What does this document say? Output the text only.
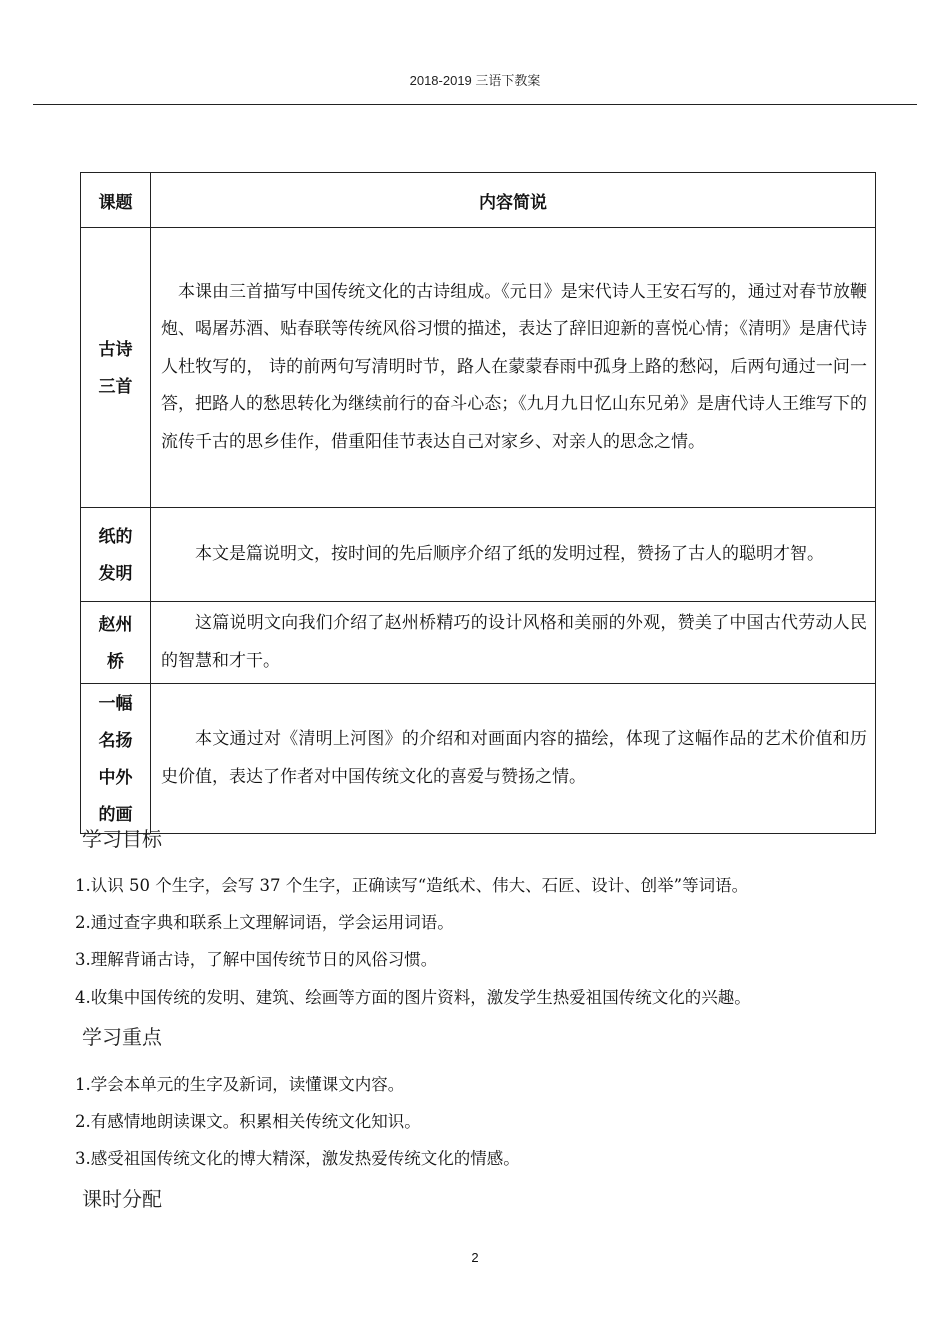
2018-2019 三语下教案
课题	内容简说

古诗
三首	本课由三首描写中国传统文化的古诗组成。《元日》是宋代诗人王安石写的，通过对春节放鞭炮、喝屠苏酒、贴春联等传统风俗习惯的描述，表达了辞旧迎新的喜悦心情；《清明》是唐代诗人杜牧写的， 诗的前两句写清明时节，路人在蒙蒙春雨中孤身上路的愁闷，后两句通过一问一答，把路人的愁思转化为继续前行的奋斗心态；《九月九日忆山东兄弟》是唐代诗人王维写下的流传千古的思乡佳作，借重阳佳节表达自己对家乡、对亲人的思念之情。

纸的
发明	本文是篇说明文，按时间的先后顺序介绍了纸的发明过程，赞扬了古人的聪明才智。

赵州
桥	这篇说明文向我们介绍了赵州桥精巧的设计风格和美丽的外观，赞美了中国古代劳动人民的智慧和才干。

一幅
名扬
中外
的画	本文通过对《清明上河图》的介绍和对画面内容的描绘，体现了这幅作品的艺术价值和历史价值，表达了作者对中国传统文化的喜爱与赞扬之情。
学习目标
1.认识 50 个生字，会写 37 个生字，正确读写“造纸术、伟大、石匠、设计、创举”等词语。
2.通过查字典和联系上文理解词语，学会运用词语。
3.理解背诵古诗，了解中国传统节日的风俗习惯。
4.收集中国传统的发明、建筑、绘画等方面的图片资料，激发学生热爱祖国传统文化的兴趣。
学习重点
1.学会本单元的生字及新词，读懂课文内容。
2.有感情地朗读课文。积累相关传统文化知识。
3.感受祖国传统文化的博大精深，激发热爱传统文化的情感。
课时分配
2
